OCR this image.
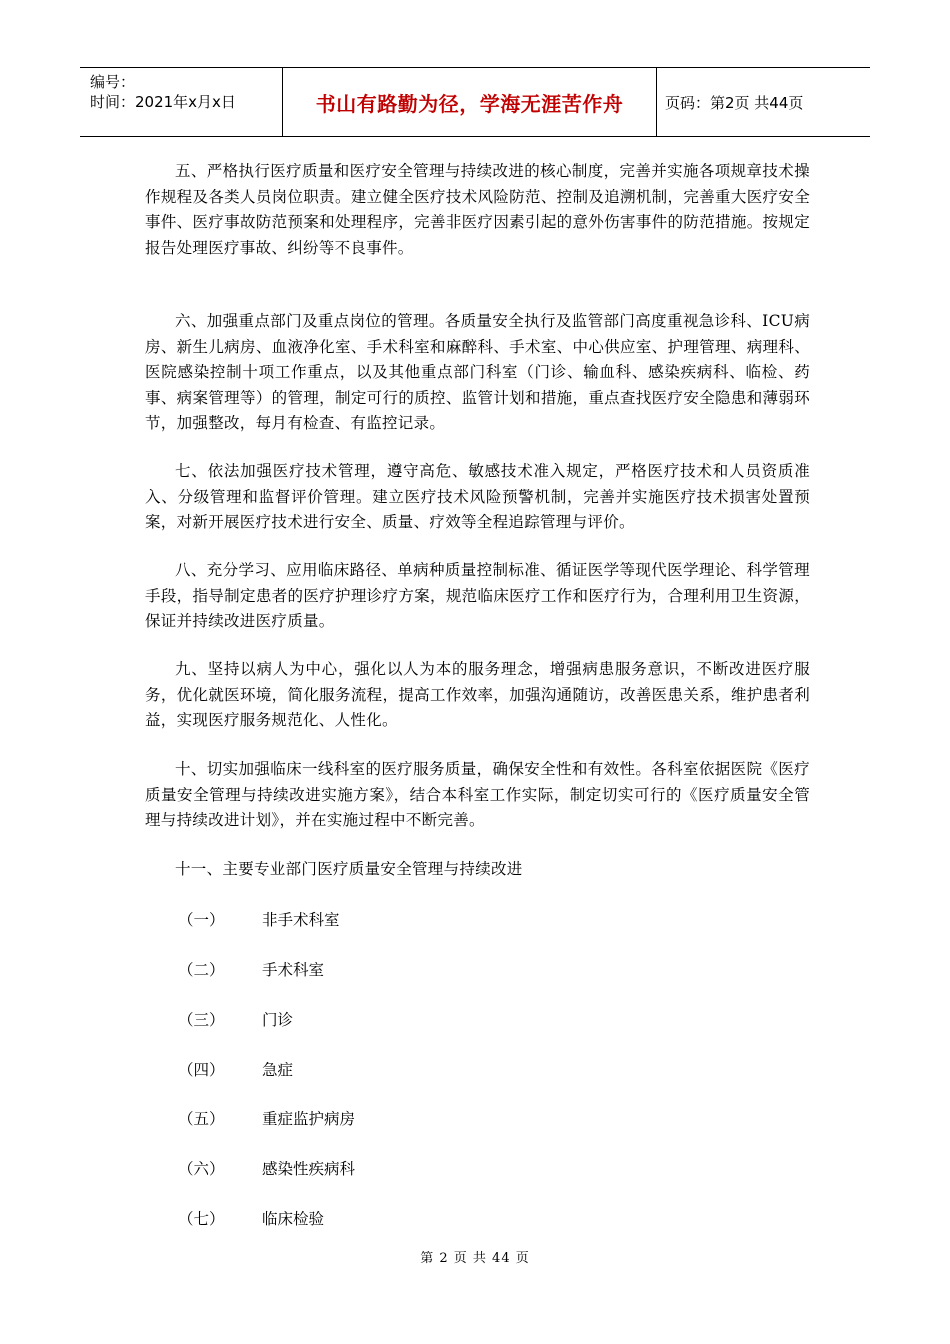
编号：
时间：2021年x月x日	书山有路勤为径，学海无涯苦作舟	页码：第2页 共44页

五、严格执行医疗质量和医疗安全管理与持续改进的核心制度，完善并实施各项规章技术操作规程及各类人员岗位职责。建立健全医疗技术风险防范、控制及追溯机制，完善重大医疗安全事件、医疗事故防范预案和处理程序，完善非医疗因素引起的意外伤害事件的防范措施。按规定报告处理医疗事故、纠纷等不良事件。

六、加强重点部门及重点岗位的管理。各质量安全执行及监管部门高度重视急诊科、ICU病房、新生儿病房、血液净化室、手术科室和麻醉科、手术室、中心供应室、护理管理、病理科、医院感染控制十项工作重点，以及其他重点部门科室（门诊、输血科、感染疾病科、临检、药事、病案管理等）的管理，制定可行的质控、监管计划和措施，重点查找医疗安全隐患和薄弱环节，加强整改，每月有检查、有监控记录。

七、依法加强医疗技术管理，遵守高危、敏感技术准入规定，严格医疗技术和人员资质准入、分级管理和监督评价管理。建立医疗技术风险预警机制，完善并实施医疗技术损害处置预案，对新开展医疗技术进行安全、质量、疗效等全程追踪管理与评价。

八、充分学习、应用临床路径、单病种质量控制标准、循证医学等现代医学理论、科学管理手段，指导制定患者的医疗护理诊疗方案，规范临床医疗工作和医疗行为，合理利用卫生资源，保证并持续改进医疗质量。

九、坚持以病人为中心，强化以人为本的服务理念，增强病患服务意识，不断改进医疗服务，优化就医环境，简化服务流程，提高工作效率，加强沟通随访，改善医患关系，维护患者利益，实现医疗服务规范化、人性化。

十、切实加强临床一线科室的医疗服务质量，确保安全性和有效性。各科室依据医院《医疗质量安全管理与持续改进实施方案》，结合本科室工作实际，制定切实可行的《医疗质量安全管理与持续改进计划》，并在实施过程中不断完善。

十一、主要专业部门医疗质量安全管理与持续改进

（一）	非手术科室
（二）	手术科室
（三）	门诊
（四）	急症
（五）	重症监护病房
（六）	感染性疾病科
（七）	临床检验
第 2 页 共 44 页
